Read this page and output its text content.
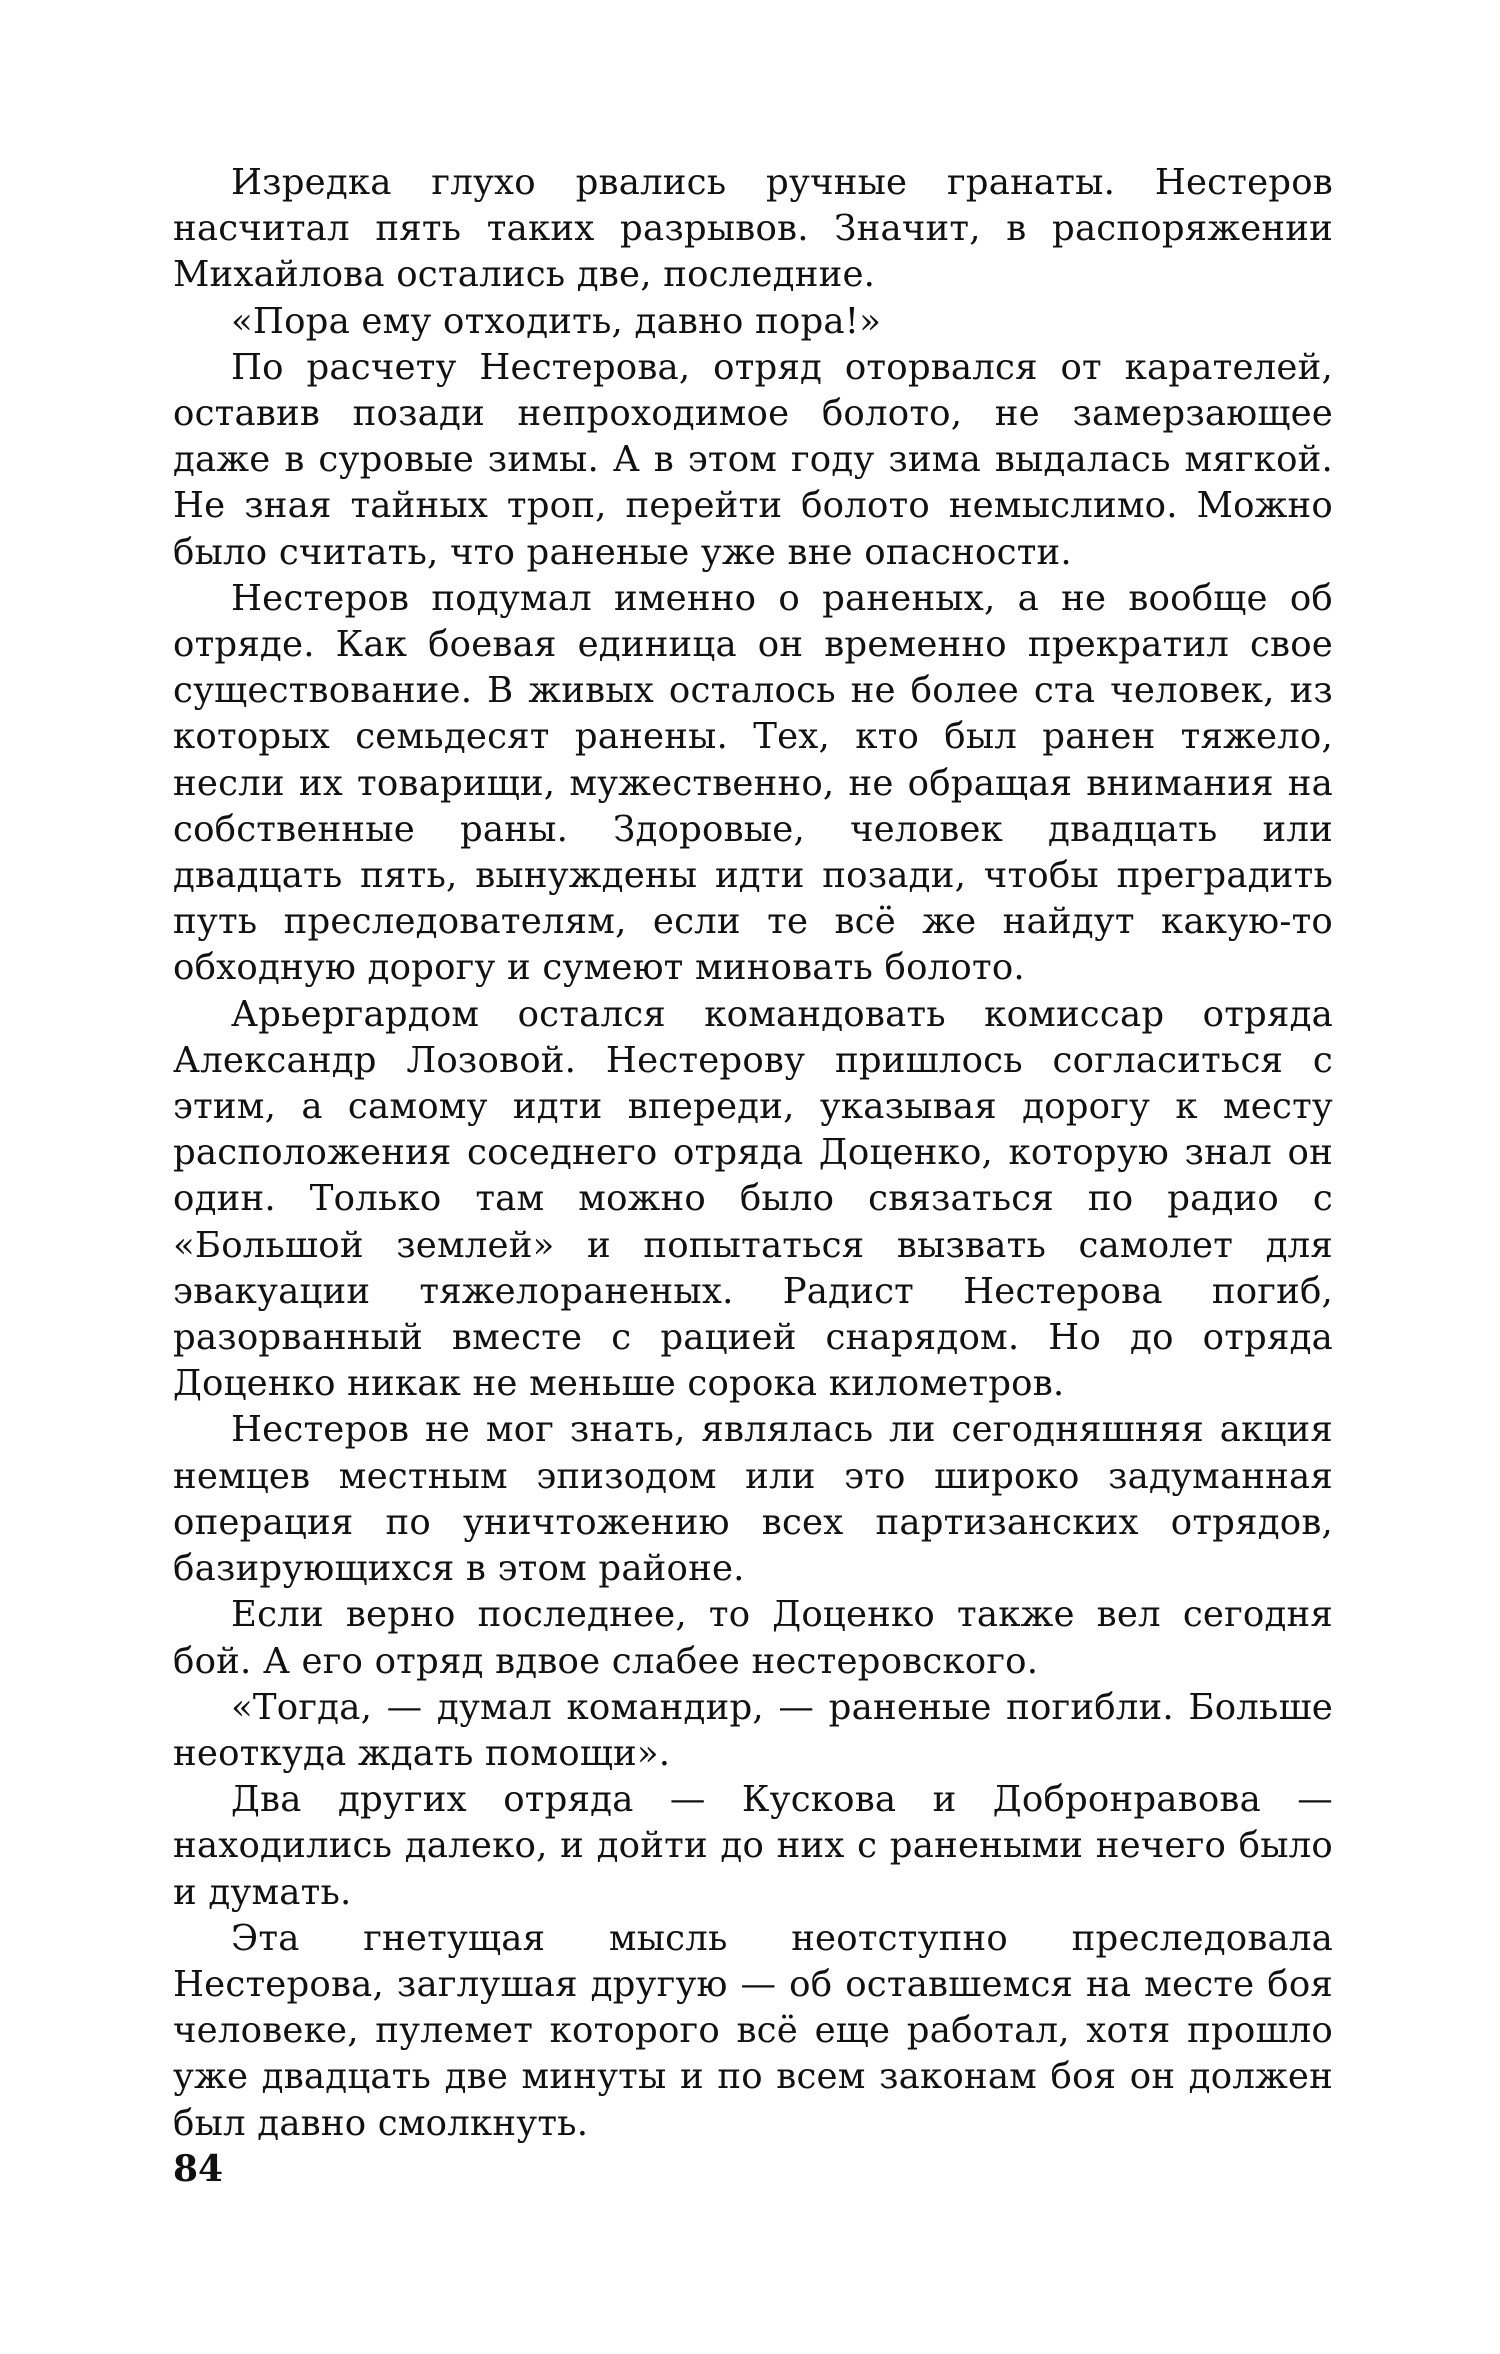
Изредка глухо рвались ручные гранаты. Нестеров насчитал пять таких разрывов. Значит, в распоряжении Михайлова остались две, последние.

«Пора ему отходить, давно пора!»

По расчету Нестерова, отряд оторвался от карателей, оставив позади непроходимое болото, не замерзающее даже в суровые зимы. А в этом году зима выдалась мягкой. Не зная тайных троп, перейти болото немыслимо. Можно было считать, что раненые уже вне опасности.

Нестеров подумал именно о раненых, а не вообще об отряде. Как боевая единица он временно прекратил свое существование. В живых осталось не более ста человек, из которых семьдесят ранены. Тех, кто был ранен тяжело, несли их товарищи, мужественно, не обращая внимания на собственные раны. Здоровые, человек двадцать или двадцать пять, вынуждены идти позади, чтобы преградить путь преследователям, если те всё же найдут какую-то обходную дорогу и сумеют миновать болото.

Арьергардом остался командовать комиссар отряда Александр Лозовой. Нестерову пришлось согласиться с этим, а самому идти впереди, указывая дорогу к месту расположения соседнего отряда Доценко, которую знал он один. Только там можно было связаться по радио с «Большой землей» и попытаться вызвать самолет для эвакуации тяжелораненых. Радист Нестерова погиб, разорванный вместе с рацией снарядом. Но до отряда Доценко никак не меньше сорока километров.

Нестеров не мог знать, являлась ли сегодняшняя акция немцев местным эпизодом или это широко задуманная операция по уничтожению всех партизанских отрядов, базирующихся в этом районе.

Если верно последнее, то Доценко также вел сегодня бой. А его отряд вдвое слабее нестеровского.

«Тогда, — думал командир, — раненые погибли. Больше неоткуда ждать помощи».

Два других отряда — Кускова и Добронравова — находились далеко, и дойти до них с ранеными нечего было и думать.

Эта гнетущая мысль неотступно преследовала Нестерова, заглушая другую — об оставшемся на месте боя человеке, пулемет которого всё еще работал, хотя прошло уже двадцать две минуты и по всем законам боя он должен был давно смолкнуть.

84
